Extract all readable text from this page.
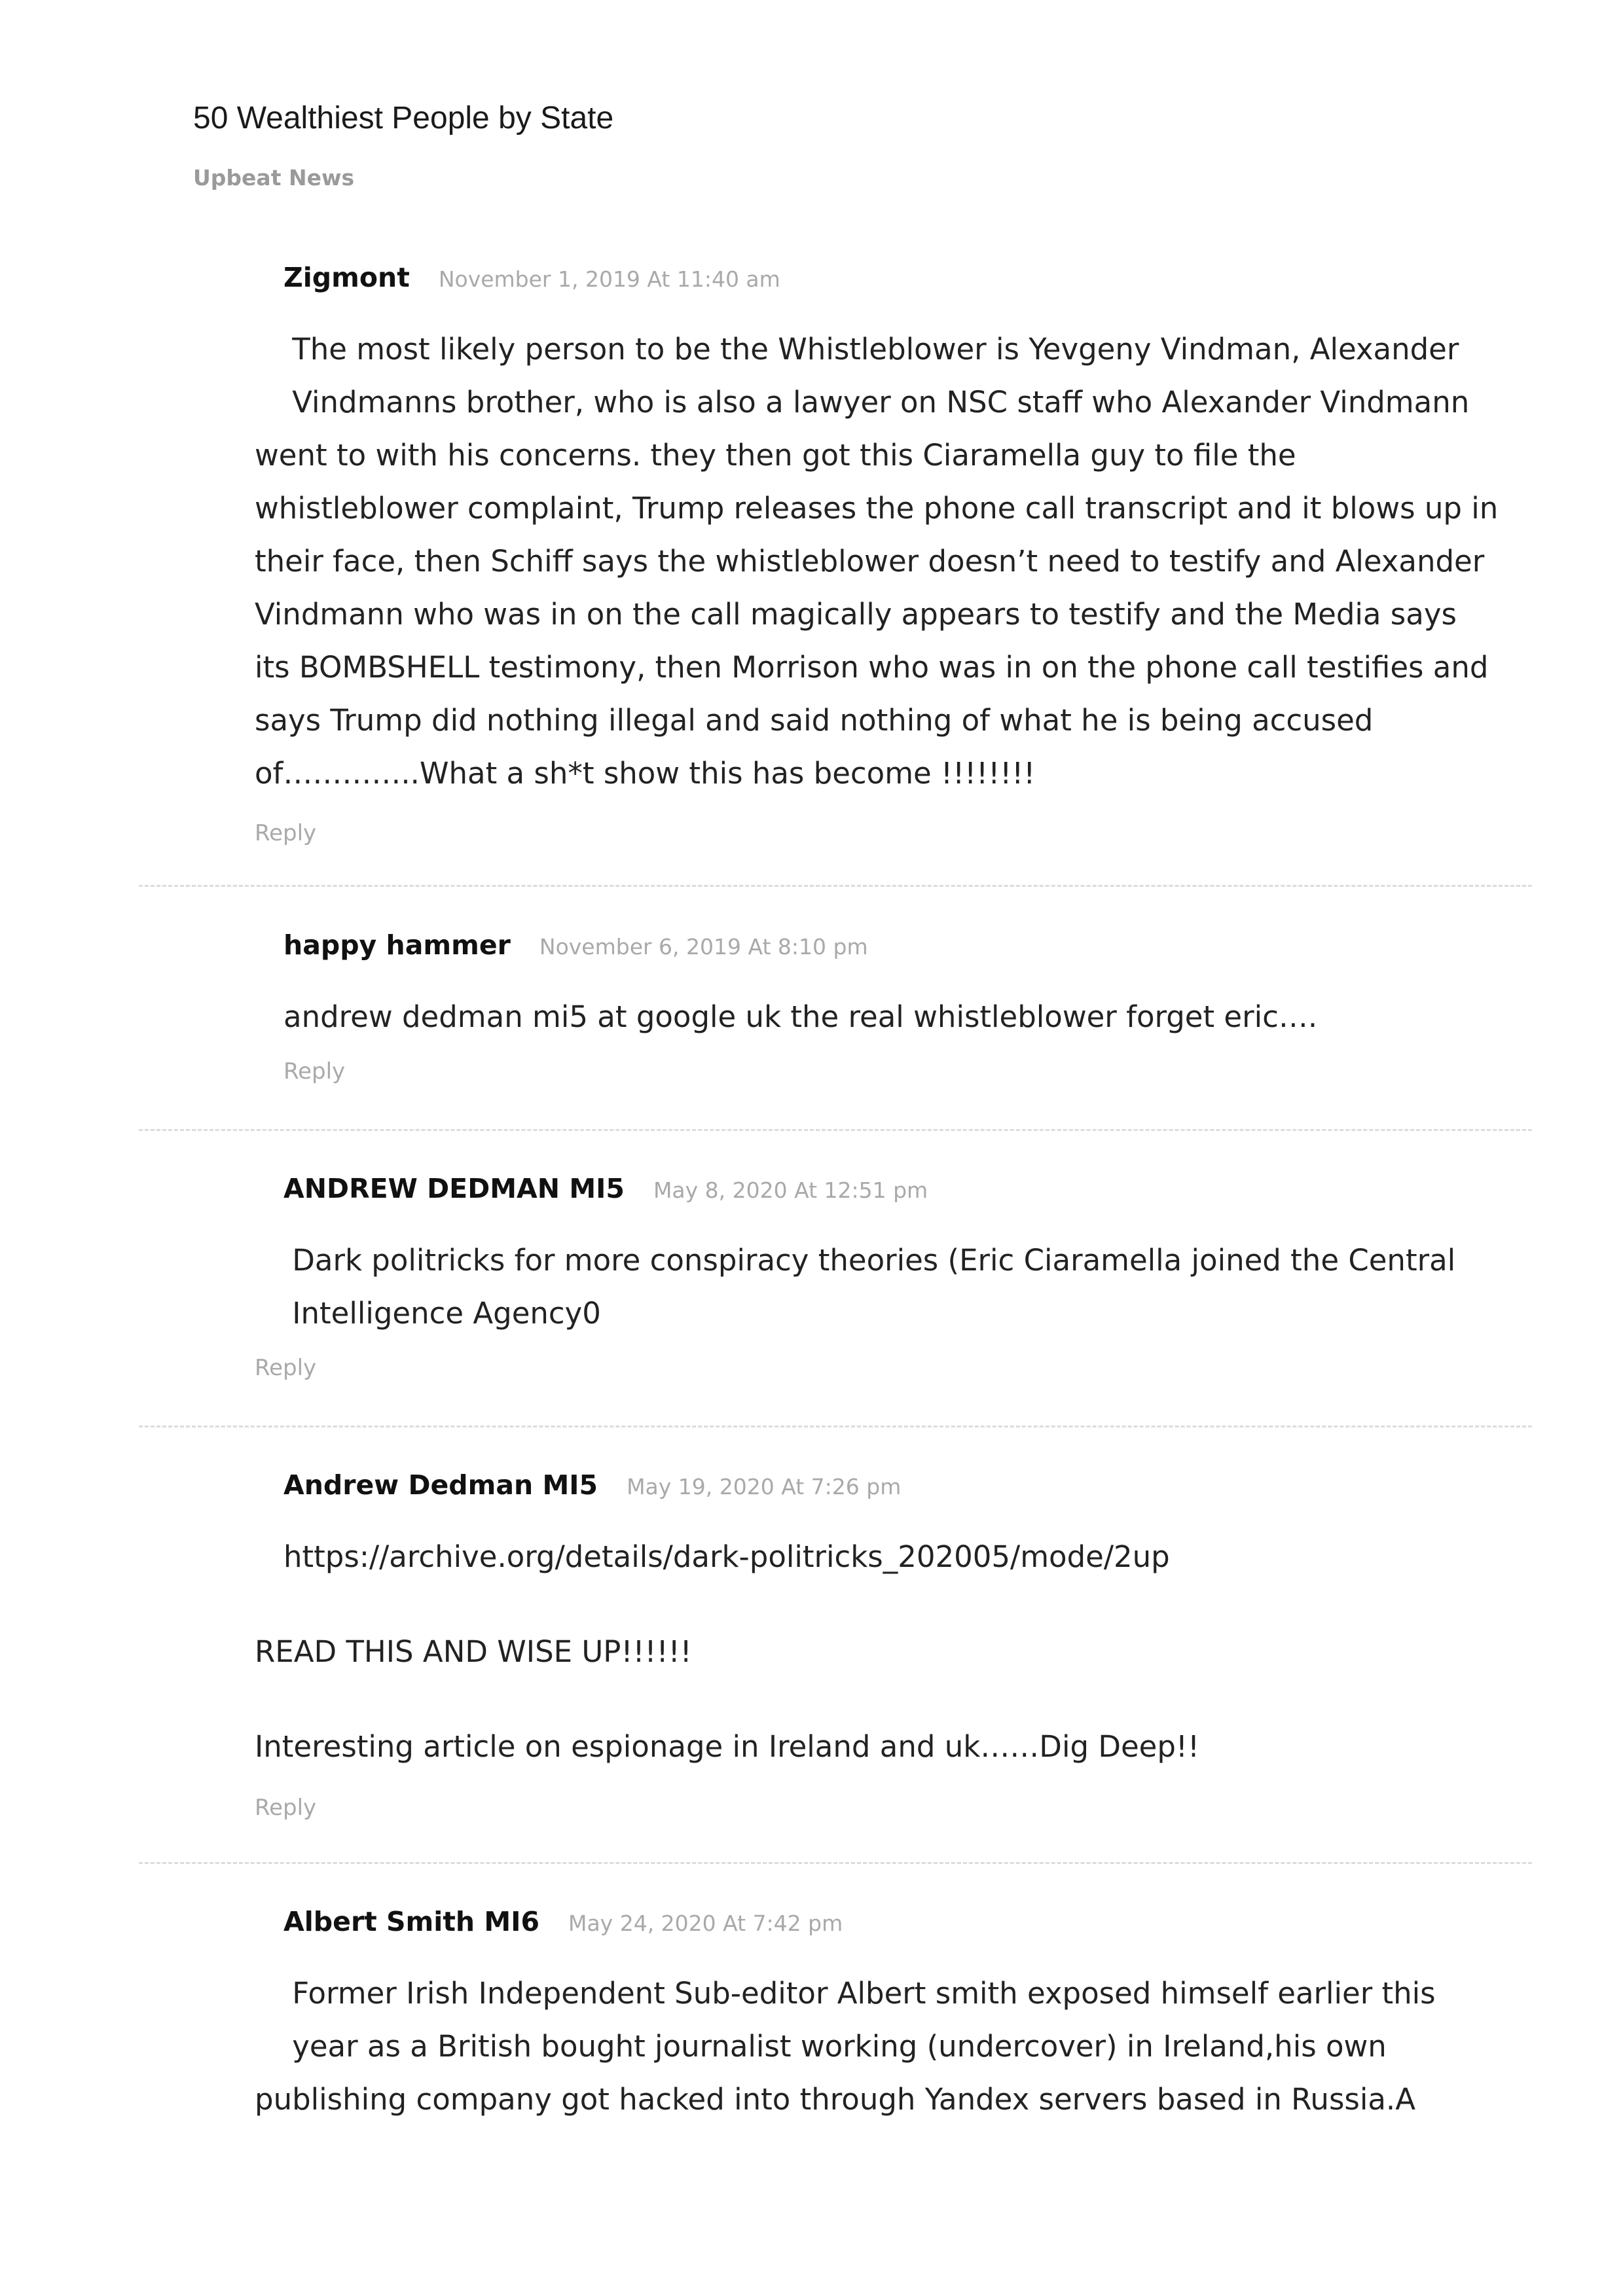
50 Wealthiest People by State
Upbeat News
Zigmont November 1, 2019 At 11:40 am
The most likely person to be the Whistleblower is Yevgeny Vindman, Alexander
Vindmanns brother, who is also a lawyer on NSC staff who Alexander Vindmann
went to with his concerns. they then got this Ciaramella guy to file the
whistleblower complaint, Trump releases the phone call transcript and it blows up in
their face, then Schiff says the whistleblower doesn’t need to testify and Alexander
Vindmann who was in on the call magically appears to testify and the Media says
its BOMBSHELL testimony, then Morrison who was in on the phone call testifies and
says Trump did nothing illegal and said nothing of what he is being accused
of…………..What a sh*t show this has become !!!!!!!!
Reply
happy hammer November 6, 2019 At 8:10 pm
andrew dedman mi5 at google uk the real whistleblower forget eric….
Reply
ANDREW DEDMAN MI5 May 8, 2020 At 12:51 pm
Dark politricks for more conspiracy theories (Eric Ciaramella joined the Central
Intelligence Agency0
Reply
Andrew Dedman MI5 May 19, 2020 At 7:26 pm
https://archive.org/details/dark-politricks_202005/mode/2up
READ THIS AND WISE UP!!!!!!
Interesting article on espionage in Ireland and uk……Dig Deep!!
Reply
Albert Smith MI6 May 24, 2020 At 7:42 pm
Former Irish Independent Sub-editor Albert smith exposed himself earlier this
year as a British bought journalist working (undercover) in Ireland,his own
publishing company got hacked into through Yandex servers based in Russia.A
